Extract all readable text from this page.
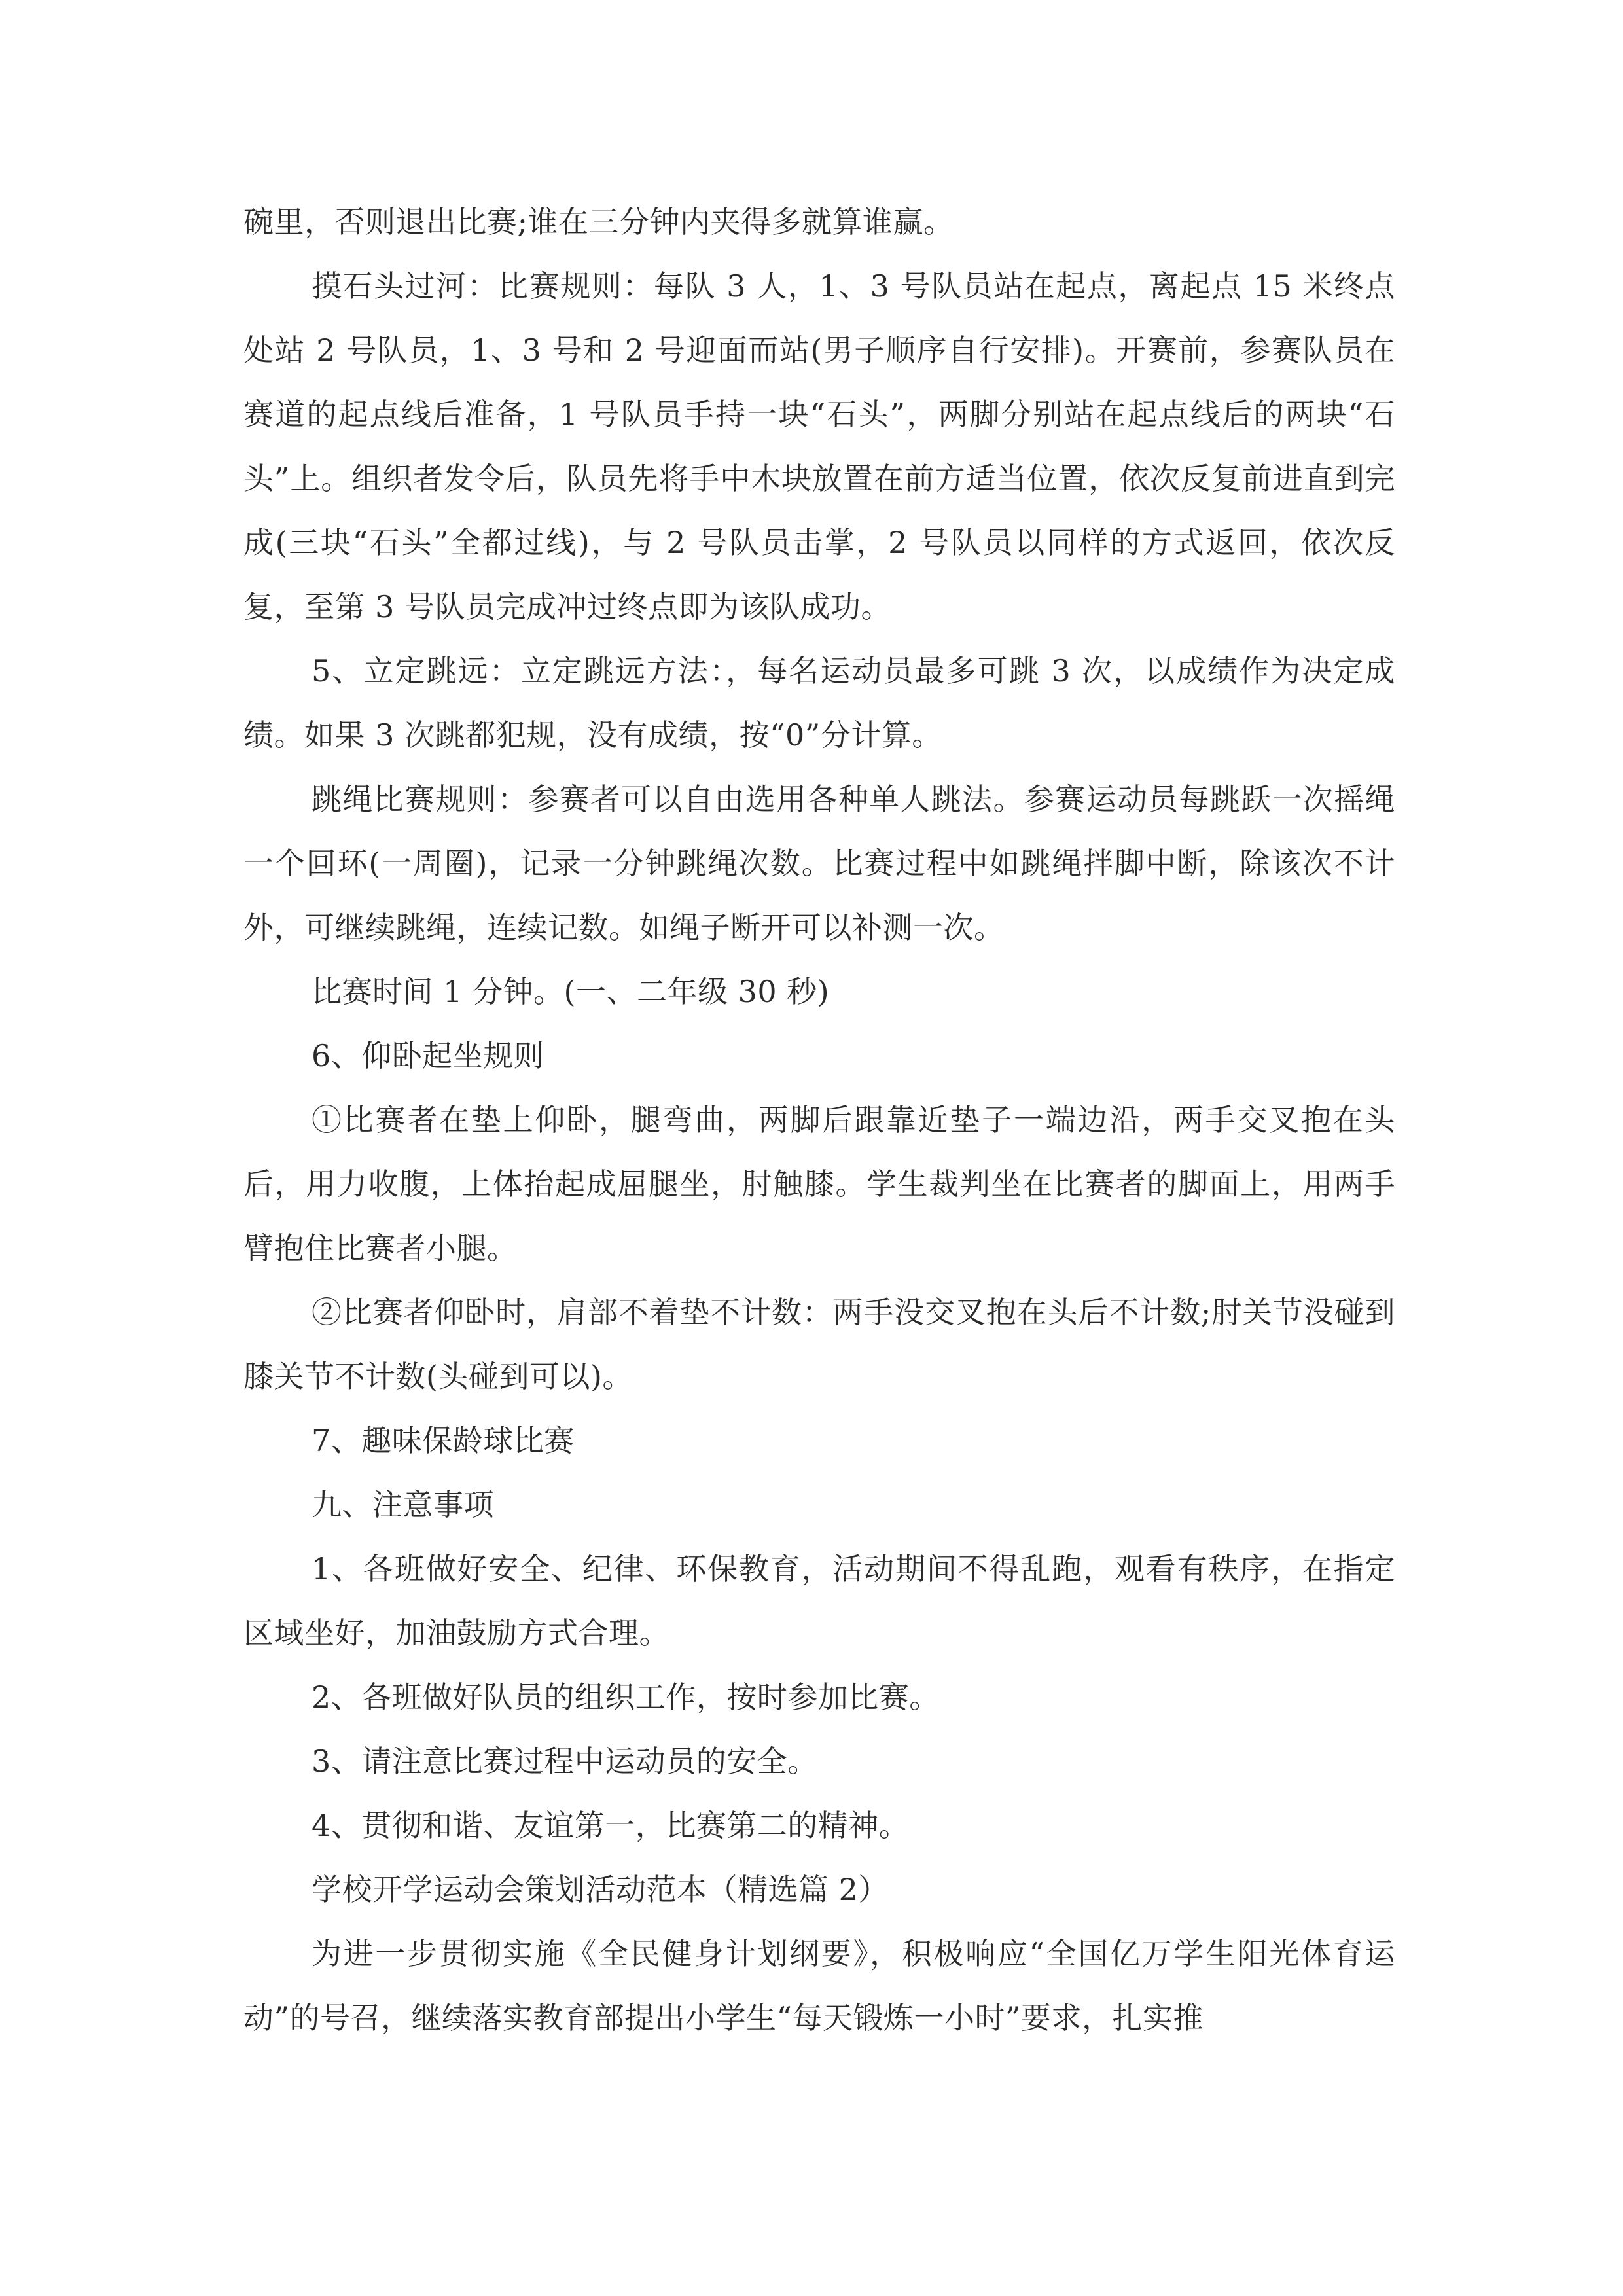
碗里，否则退出比赛;谁在三分钟内夹得多就算谁赢。

摸石头过河：比赛规则：每队 3 人，1、3 号队员站在起点，离起点 15 米终点处站 2 号队员，1、3 号和 2 号迎面而站(男子顺序自行安排)。开赛前，参赛队员在赛道的起点线后准备，1 号队员手持一块“石头”，两脚分别站在起点线后的两块“石头”上。组织者发令后，队员先将手中木块放置在前方适当位置，依次反复前进直到完成(三块“石头”全都过线)，与 2 号队员击掌，2 号队员以同样的方式返回，依次反复，至第 3 号队员完成冲过终点即为该队成功。

5、立定跳远：立定跳远方法：，每名运动员最多可跳 3 次，以成绩作为决定成绩。如果 3 次跳都犯规，没有成绩，按“0”分计算。

跳绳比赛规则：参赛者可以自由选用各种单人跳法。参赛运动员每跳跃一次摇绳一个回环(一周圈)，记录一分钟跳绳次数。比赛过程中如跳绳拌脚中断，除该次不计外，可继续跳绳，连续记数。如绳子断开可以补测一次。

比赛时间 1 分钟。(一、二年级 30 秒)

6、仰卧起坐规则

①比赛者在垫上仰卧，腿弯曲，两脚后跟靠近垫子一端边沿，两手交叉抱在头后，用力收腹，上体抬起成屈腿坐，肘触膝。学生裁判坐在比赛者的脚面上，用两手臂抱住比赛者小腿。

②比赛者仰卧时，肩部不着垫不计数：两手没交叉抱在头后不计数;肘关节没碰到膝关节不计数(头碰到可以)。

7、趣味保龄球比赛

九、注意事项

1、各班做好安全、纪律、环保教育，活动期间不得乱跑，观看有秩序，在指定区域坐好，加油鼓励方式合理。

2、各班做好队员的组织工作，按时参加比赛。

3、请注意比赛过程中运动员的安全。

4、贯彻和谐、友谊第一，比赛第二的精神。

学校开学运动会策划活动范本（精选篇 2）

为进一步贯彻实施《全民健身计划纲要》，积极响应“全国亿万学生阳光体育运动”的号召，继续落实教育部提出小学生“每天锻炼一小时”要求，扎实推
